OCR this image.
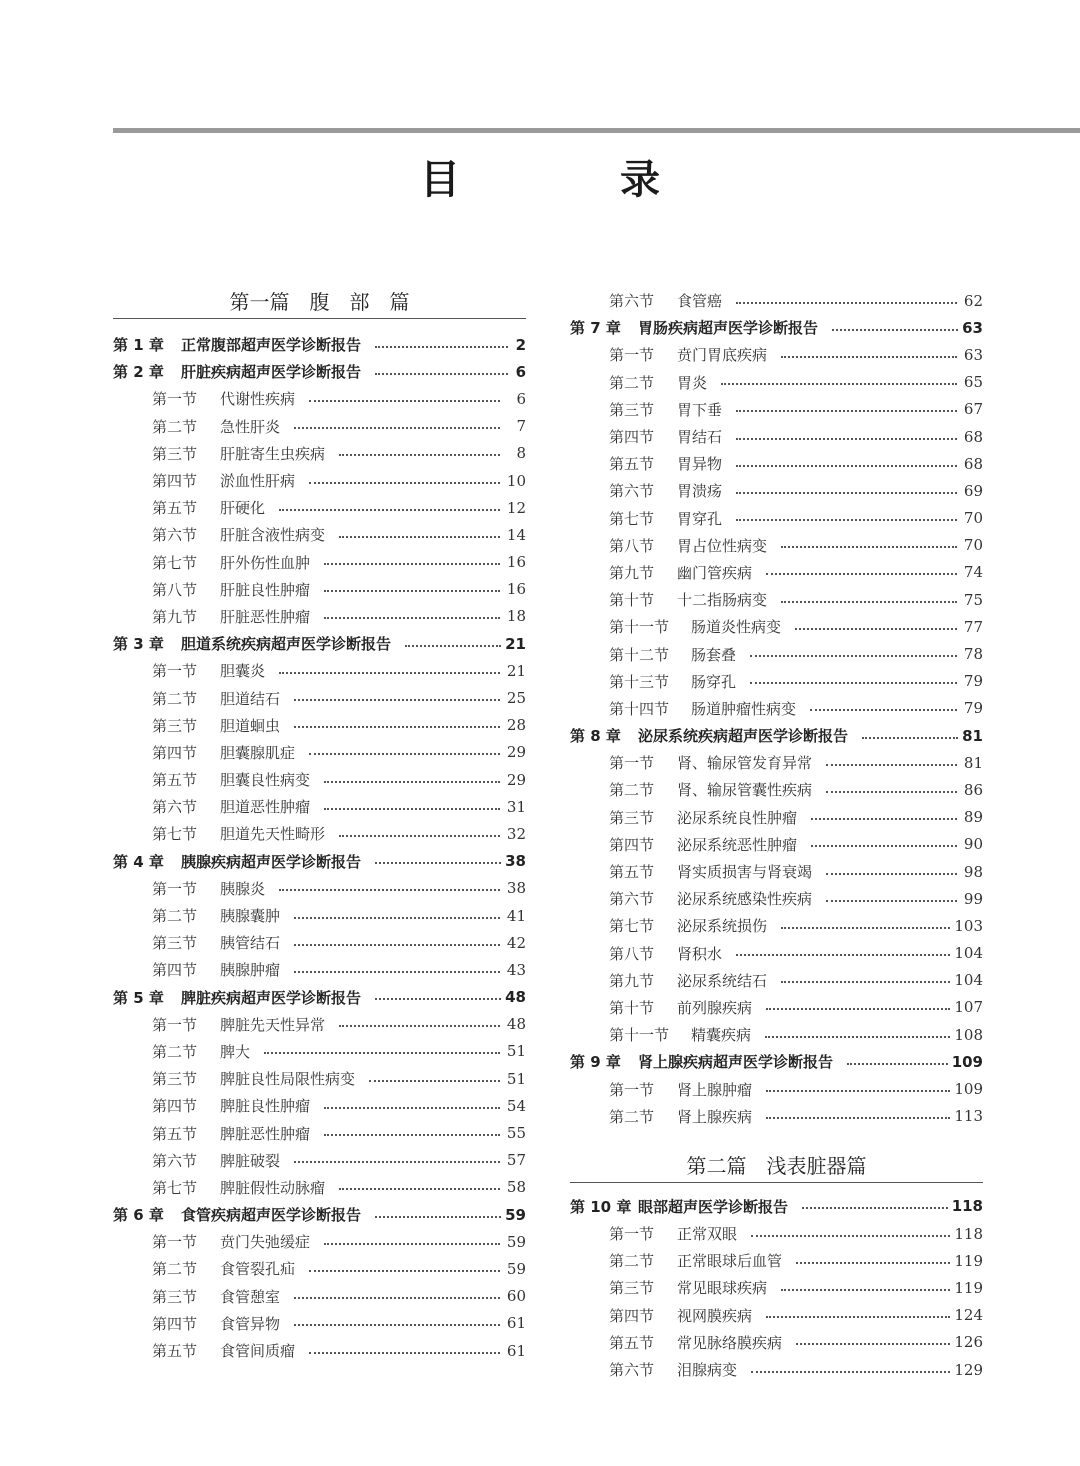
目　录
第一篇　腹　部　篇
第 1 章 正常腹部超声医学诊断报告	2
第 2 章 肝脏疾病超声医学诊断报告	6
第一节	代谢性疾病	6
第二节	急性肝炎	7
第三节	肝脏寄生虫疾病	8
第四节	淤血性肝病	10
第五节	肝硬化	12
第六节	肝脏含液性病变	14
第七节	肝外伤性血肿	16
第八节	肝脏良性肿瘤	16
第九节	肝脏恶性肿瘤	18
第 3 章 胆道系统疾病超声医学诊断报告	21
第一节	胆囊炎	21
第二节	胆道结石	25
第三节	胆道蛔虫	28
第四节	胆囊腺肌症	29
第五节	胆囊良性病变	29
第六节	胆道恶性肿瘤	31
第七节	胆道先天性畸形	32
第 4 章 胰腺疾病超声医学诊断报告	38
第一节	胰腺炎	38
第二节	胰腺囊肿	41
第三节	胰管结石	42
第四节	胰腺肿瘤	43
第 5 章 脾脏疾病超声医学诊断报告	48
第一节	脾脏先天性异常	48
第二节	脾大	51
第三节	脾脏良性局限性病变	51
第四节	脾脏良性肿瘤	54
第五节	脾脏恶性肿瘤	55
第六节	脾脏破裂	57
第七节	脾脏假性动脉瘤	58
第 6 章 食管疾病超声医学诊断报告	59
第一节	贲门失弛缓症	59
第二节	食管裂孔疝	59
第三节	食管憩室	60
第四节	食管异物	61
第五节	食管间质瘤	61
第六节	食管癌	62
第 7 章 胃肠疾病超声医学诊断报告	63
第一节	贲门胃底疾病	63
第二节	胃炎	65
第三节	胃下垂	67
第四节	胃结石	68
第五节	胃异物	68
第六节	胃溃疡	69
第七节	胃穿孔	70
第八节	胃占位性病变	70
第九节	幽门管疾病	74
第十节	十二指肠病变	75
第十一节	肠道炎性病变	77
第十二节	肠套叠	78
第十三节	肠穿孔	79
第十四节	肠道肿瘤性病变	79
第 8 章 泌尿系统疾病超声医学诊断报告	81
第一节	肾、输尿管发育异常	81
第二节	肾、输尿管囊性疾病	86
第三节	泌尿系统良性肿瘤	89
第四节	泌尿系统恶性肿瘤	90
第五节	肾实质损害与肾衰竭	98
第六节	泌尿系统感染性疾病	99
第七节	泌尿系统损伤	103
第八节	肾积水	104
第九节	泌尿系统结石	104
第十节	前列腺疾病	107
第十一节	精囊疾病	108
第 9 章 肾上腺疾病超声医学诊断报告	109
第一节	肾上腺肿瘤	109
第二节	肾上腺疾病	113
第二篇　浅表脏器篇
第 10 章 眼部超声医学诊断报告	118
第一节	正常双眼	118
第二节	正常眼球后血管	119
第三节	常见眼球疾病	119
第四节	视网膜疾病	124
第五节	常见脉络膜疾病	126
第六节	泪腺病变	129
